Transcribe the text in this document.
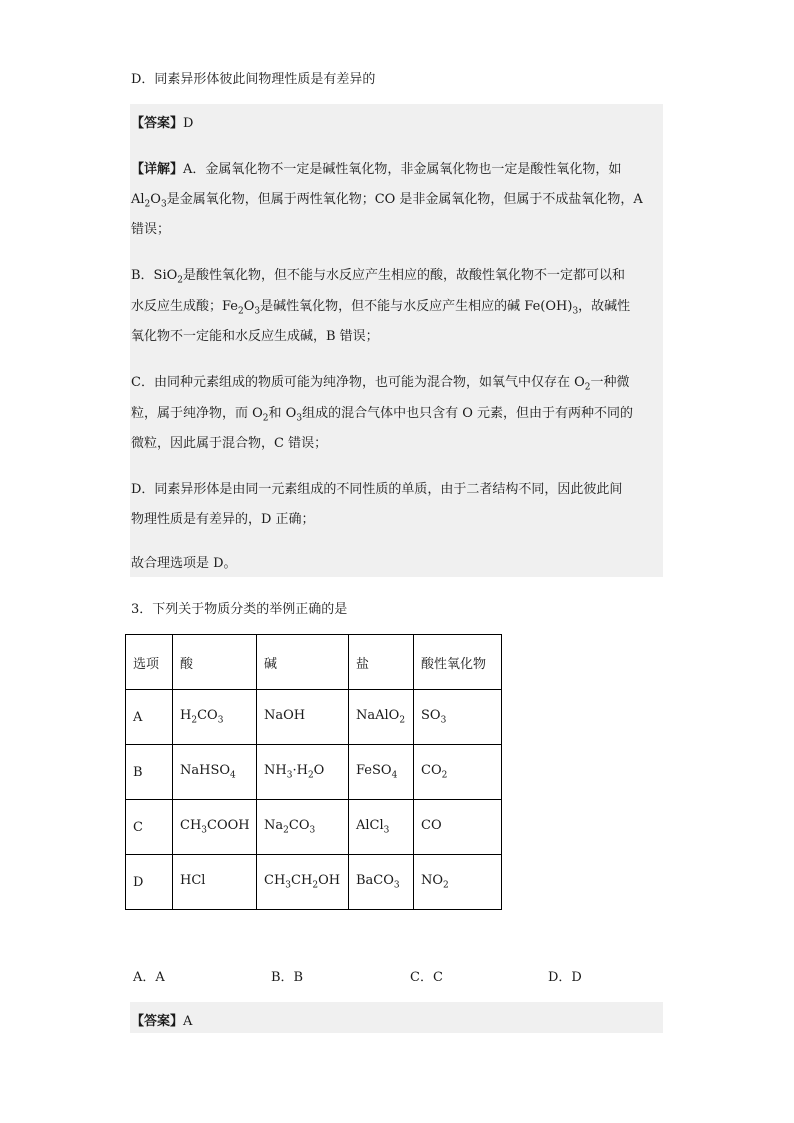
D．同素异形体彼此间物理性质是有差异的
【答案】D
【详解】A．金属氧化物不一定是碱性氧化物，非金属氧化物也一定是酸性氧化物，如
$Al_2O_3$是金属氧化物，但属于两性氧化物；CO 是非金属氧化物，但属于不成盐氧化物，A
错误；
B．SiO$_2$是酸性氧化物，但不能与水反应产生相应的酸，故酸性氧化物不一定都可以和
水反应生成酸；$Fe_2O_3$是碱性氧化物，但不能与水反应产生相应的碱 $Fe(OH)_3$，故碱性
氧化物不一定能和水反应生成碱，B 错误；
C．由同种元素组成的物质可能为纯净物，也可能为混合物，如氧气中仅存在 $O_2$一种微
粒，属于纯净物，而 $O_2$和 $O_3$组成的混合气体中也只含有 O 元素，但由于有两种不同的
微粒，因此属于混合物，C 错误；
D．同素异形体是由同一元素组成的不同性质的单质，由于二者结构不同，因此彼此间
物理性质是有差异的，D 正确；
故合理选项是 D。
3．下列关于物质分类的举例正确的是
选项	酸	碱	盐	酸性氧化物
A	$H_2CO_3$	NaOH	NaAlO$_2$	$SO_3$
B	NaHSO$_4$	$NH_3\cdot H_2O$	FeSO$_4$	$CO_2$
C	$CH_3COOH$	$Na_2CO_3$	AlCl$_3$	CO
D	HCl	$CH_3CH_2OH$	BaCO$_3$	$NO_2$
A．A	B．B	C．C	D．D
【答案】A
